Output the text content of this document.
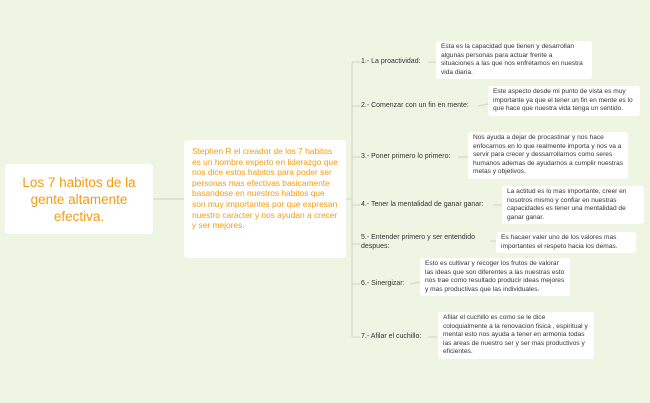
Los 7 habitos de la gente altamente efectiva.
Stephen R el creador de los 7 habitos es un hombre experto en liderazgo que nos dice estos habitos para poder ser personas mas efectivas basicamente basandose en nuestros habitos que son muy importantes por que expresan nuestro caracter y nos ayudan a crecer y ser mejores.
1.- La proactividad:
Esta es la capacidad que tienen y desarrollan algunas personas para actuar frente a situaciones a las que nos enfretamos en nuestra vida diaria.
2.- Comenzar con un fin en mente:
Este aspecto desde mi punto de vista es muy importante ya que el tener un fin en mente es lo que hace que nuestra vida tenga un sentido.
3.- Poner primero lo primero:
Nos ayuda a dejar de procastinar y nos hace enfocarnos en lo que realmente importa y nos va a servir para crecer y dessarrollarnos como seres humanos ademas de ayudarnos a cumplir nuestras metas y objetivos.
4.- Tener la mentalidad de ganar ganar:
La actitud es lo mas importante, creer en nosotros mismo y confiar en nuestras capacidades es tener una mentalidad de ganar ganar.
5.- Entender primero y ser entendido despues:
Es hacaer valer uno de los valores mas importantes el respeto hacia los demas.
6.- Sinergizar:
Esto es cultivar y recoger los frutos de valorar las ideas que son diferentes a las nuestras esto nos trae como resultado producir ideas mejores y mas productivas que las individuales.
7.- Afilar el cuchillo:
Afilar el cuchillo es como se le dice coloquialmente a la renovacion fisica , espiritual y mental esto nos ayuda a tener en armonia todas las areas de nuestro ser y ser mas productivos y eficientes.
